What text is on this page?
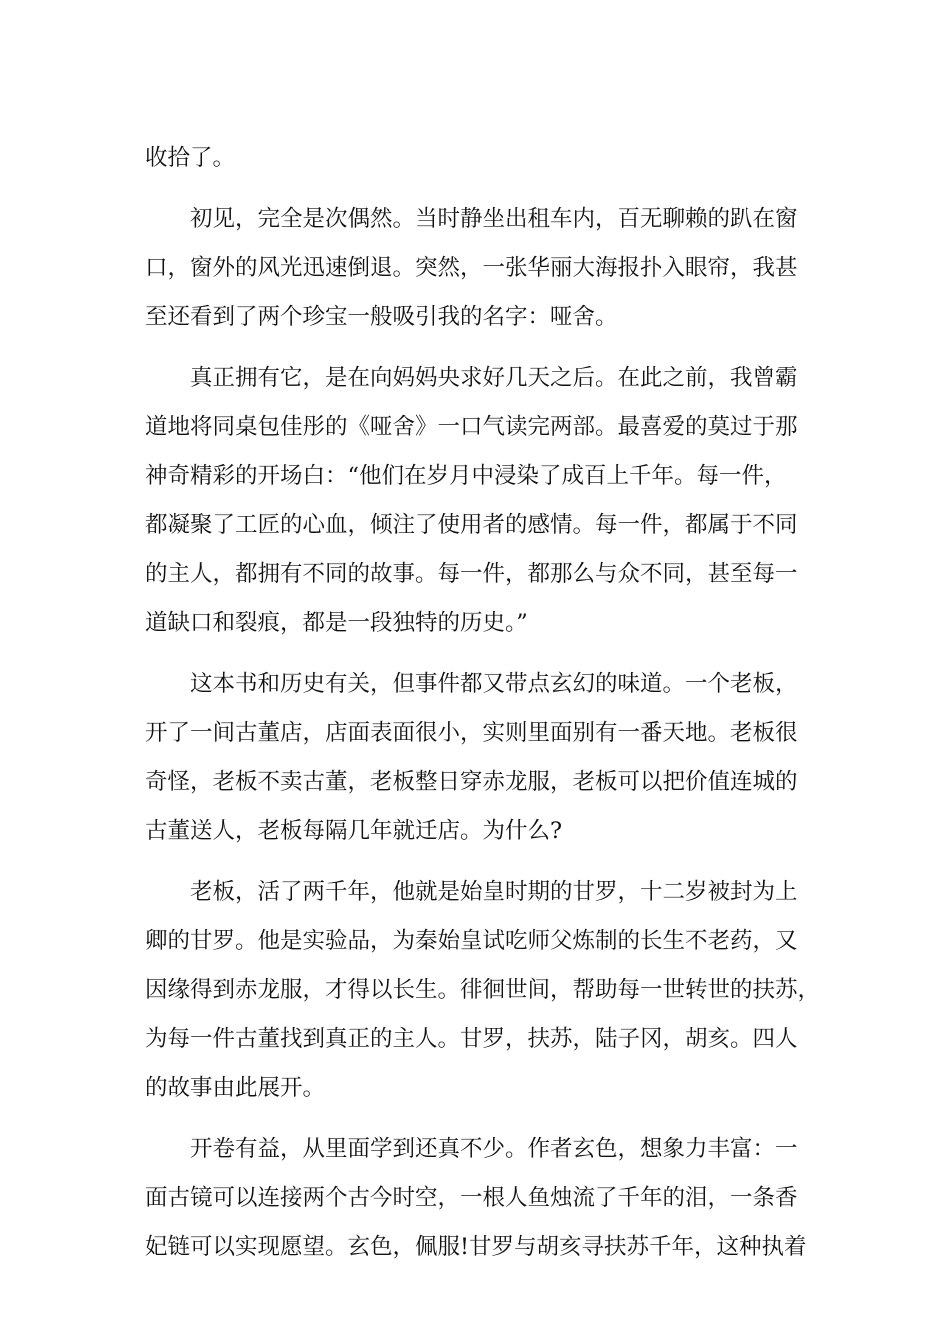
收拾了。
初见，完全是次偶然。当时静坐出租车内，百无聊赖的趴在窗
口，窗外的风光迅速倒退。突然，一张华丽大海报扑入眼帘，我甚
至还看到了两个珍宝一般吸引我的名字：哑舍。
真正拥有它，是在向妈妈央求好几天之后。在此之前，我曾霸
道地将同桌包佳彤的《哑舍》一口气读完两部。最喜爱的莫过于那
神奇精彩的开场白：“他们在岁月中浸染了成百上千年。每一件，
都凝聚了工匠的心血，倾注了使用者的感情。每一件，都属于不同
的主人，都拥有不同的故事。每一件，都那么与众不同，甚至每一
道缺口和裂痕，都是一段独特的历史。”
这本书和历史有关，但事件都又带点玄幻的味道。一个老板，
开了一间古董店，店面表面很小，实则里面别有一番天地。老板很
奇怪，老板不卖古董，老板整日穿赤龙服，老板可以把价值连城的
古董送人，老板每隔几年就迁店。为什么?
老板，活了两千年，他就是始皇时期的甘罗，十二岁被封为上
卿的甘罗。他是实验品，为秦始皇试吃师父炼制的长生不老药，又
因缘得到赤龙服，才得以长生。徘徊世间，帮助每一世转世的扶苏，
为每一件古董找到真正的主人。甘罗，扶苏，陆子冈，胡亥。四人
的故事由此展开。
开卷有益，从里面学到还真不少。作者玄色，想象力丰富：一
面古镜可以连接两个古今时空，一根人鱼烛流了千年的泪，一条香
妃链可以实现愿望。玄色，佩服!甘罗与胡亥寻扶苏千年，这种执着
